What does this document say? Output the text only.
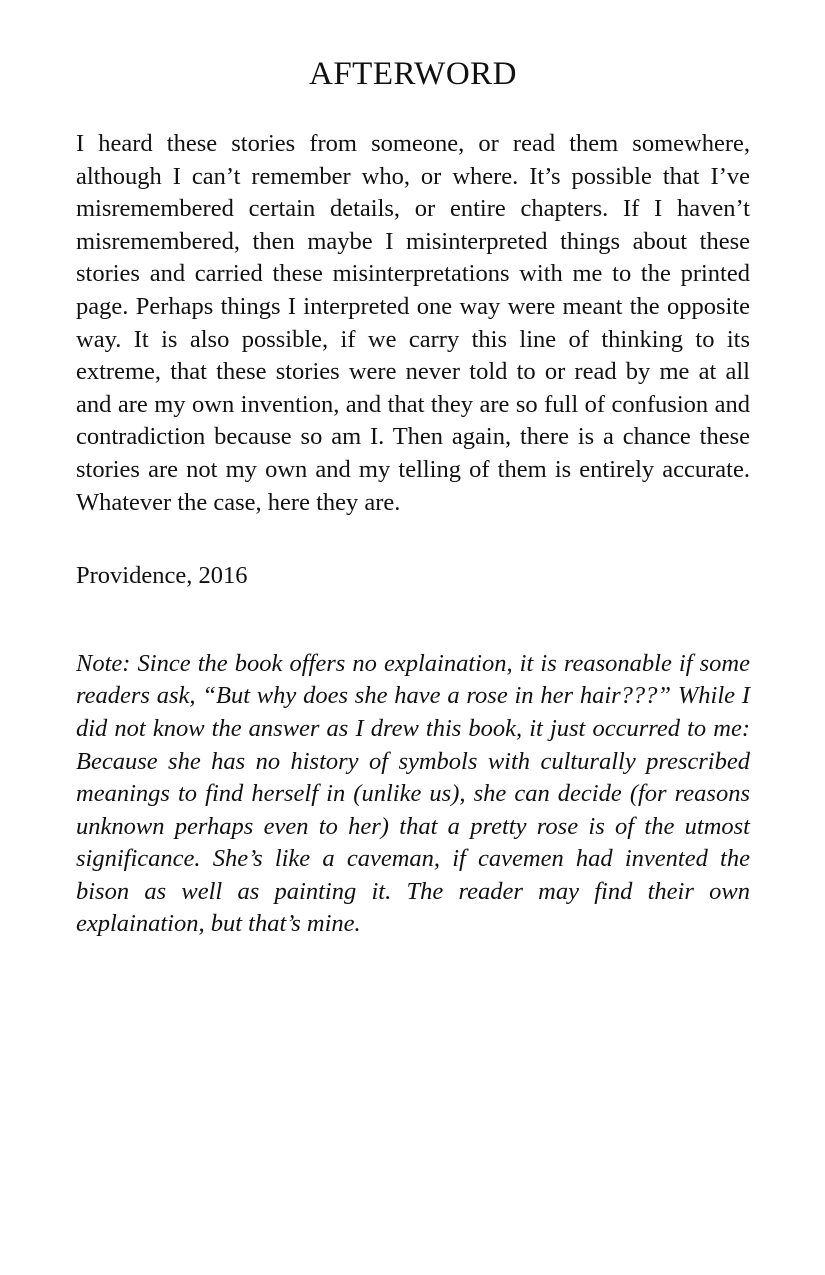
AFTERWORD

I heard these stories from someone, or read them somewhere, although I can’t remember who, or where. It’s possible that I’ve misremembered certain details, or entire chapters. If I haven’t misremembered, then maybe I misinterpreted things about these stories and carried these misinterpretations with me to the printed page. Perhaps things I interpreted one way were meant the opposite way. It is also possible, if we carry this line of thinking to its extreme, that these stories were never told to or read by me at all and are my own invention, and that they are so full of confusion and contradiction because so am I. Then again, there is a chance these stories are not my own and my telling of them is entirely accurate. Whatever the case, here they are.

Providence, 2016

Note: Since the book offers no explaination, it is reasonable if some readers ask, “But why does she have a rose in her hair???” While I did not know the answer as I drew this book, it just occurred to me: Because she has no history of symbols with culturally prescribed meanings to find herself in (unlike us), she can decide (for reasons unknown perhaps even to her) that a pretty rose is of the utmost significance. She’s like a caveman, if cavemen had invented the bison as well as painting it. The reader may find their own explaination, but that’s mine.
